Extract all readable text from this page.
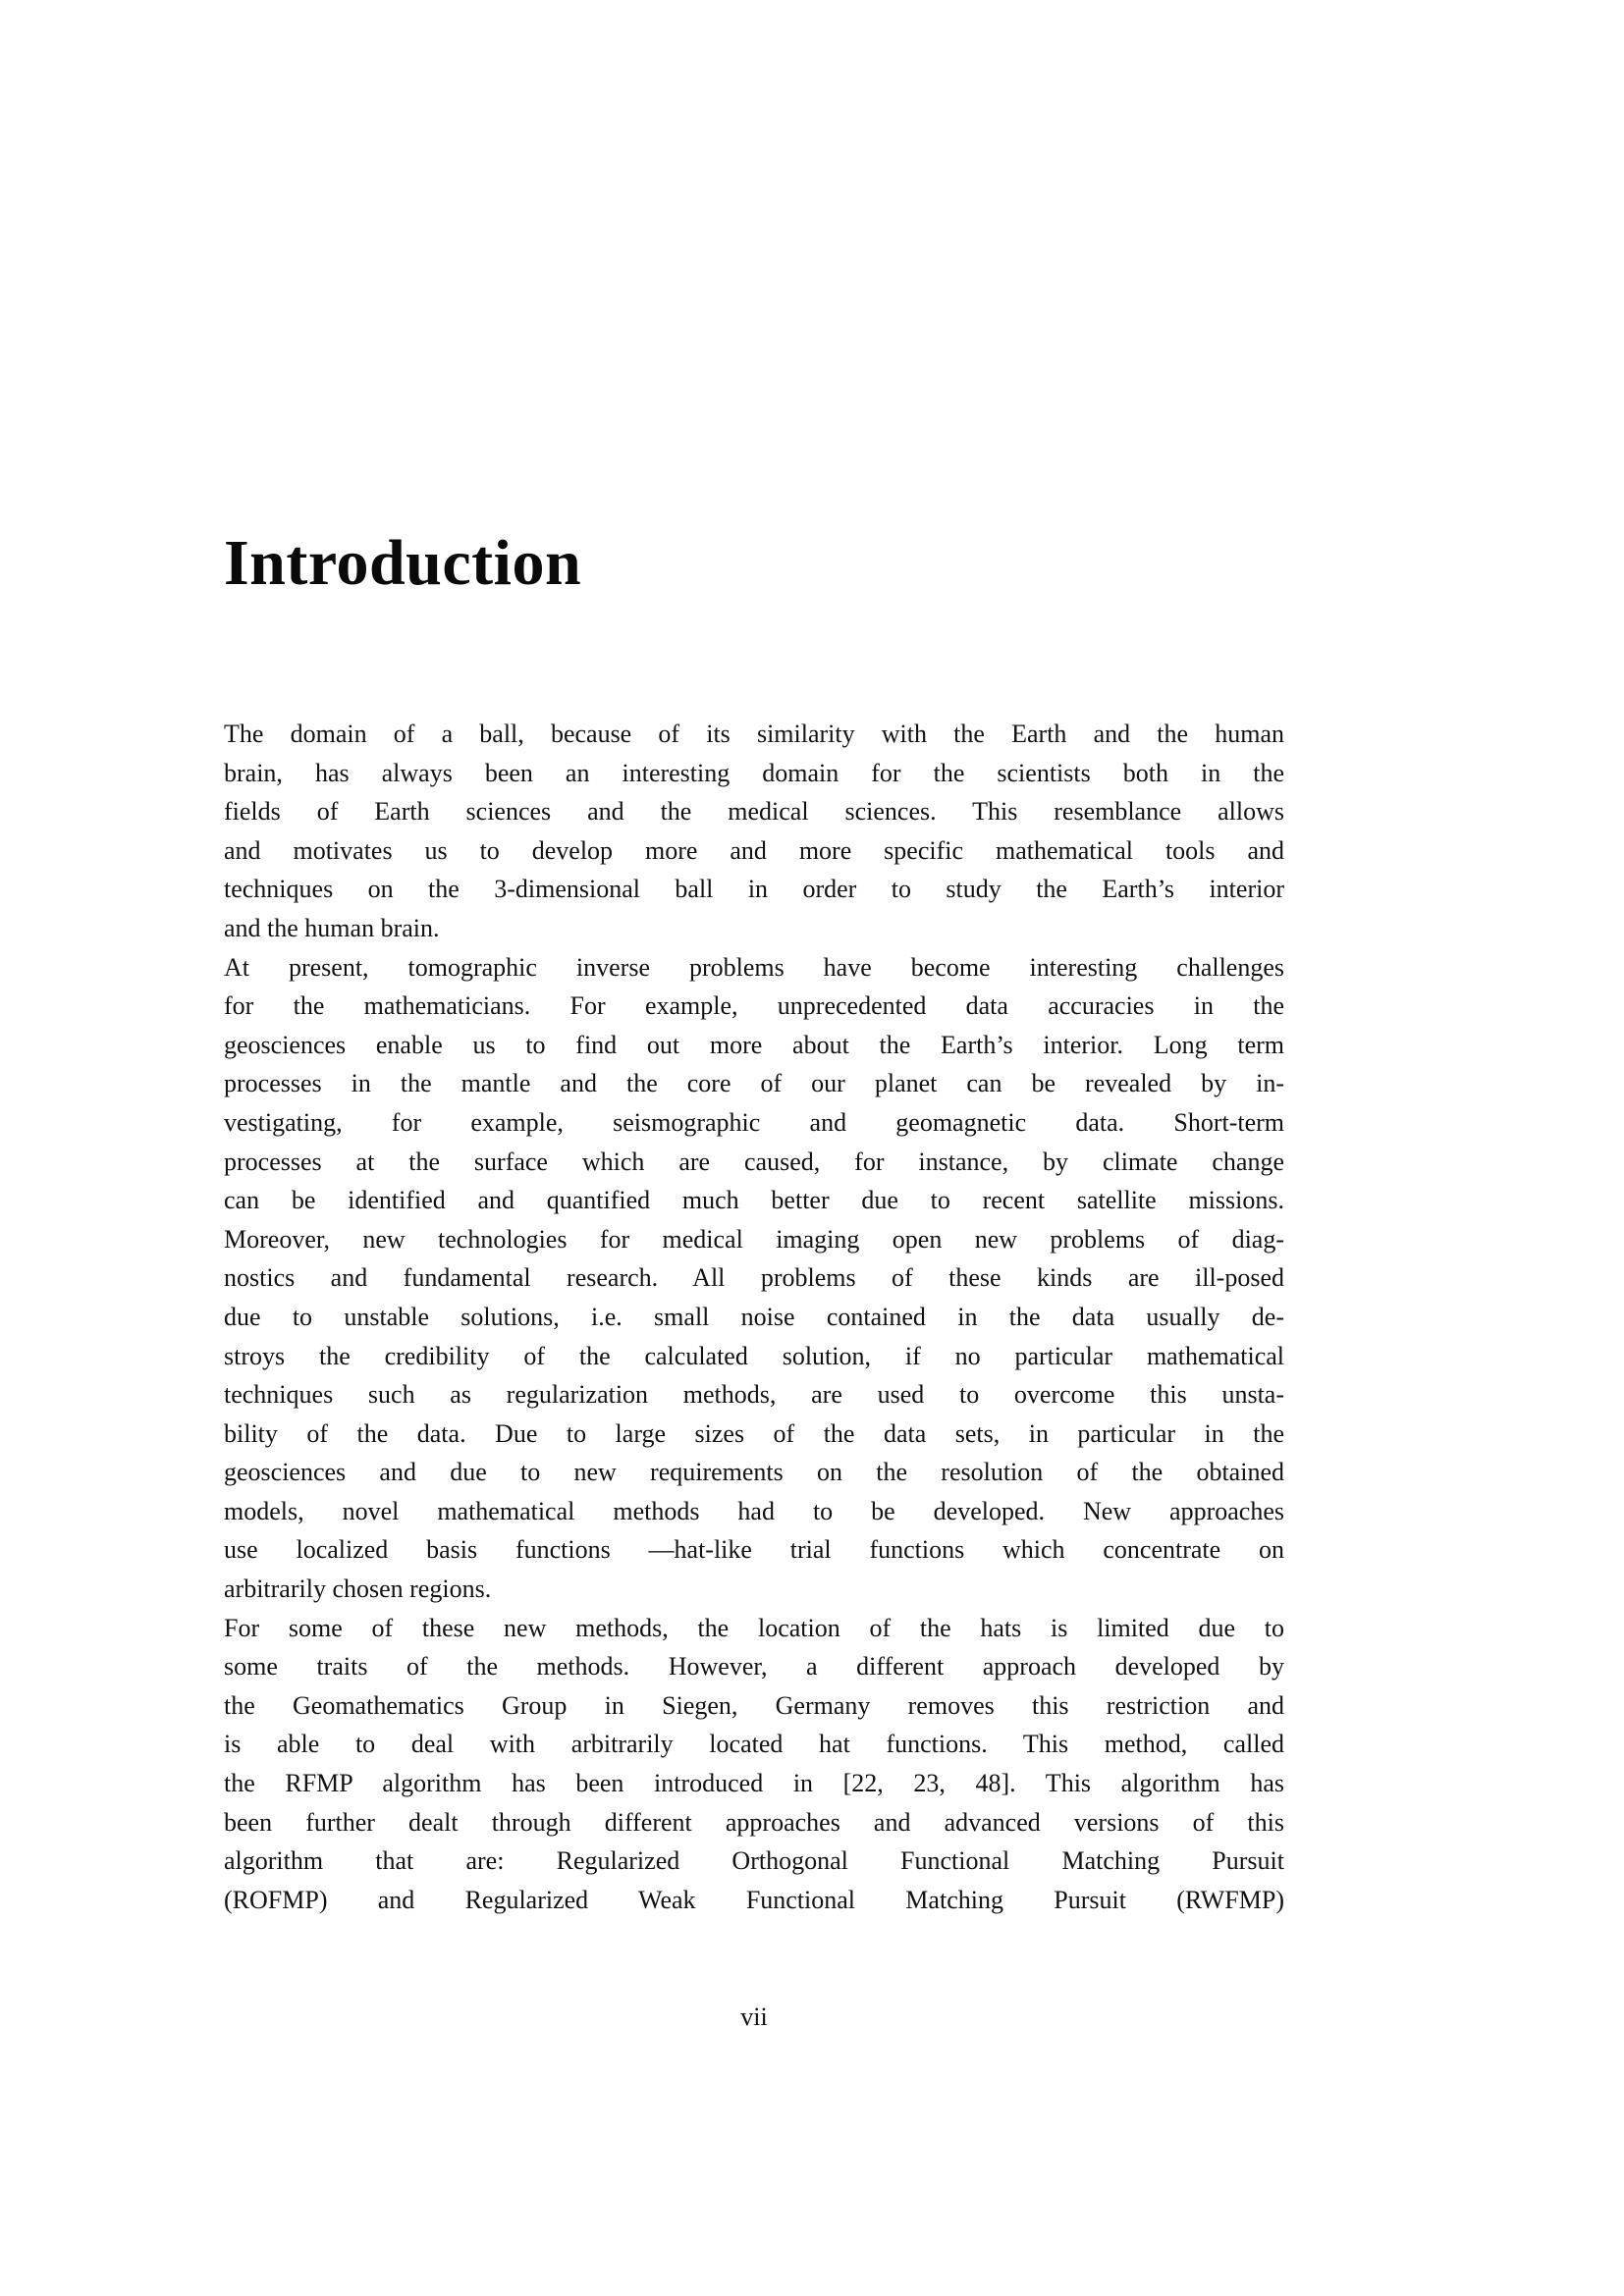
Introduction
The domain of a ball, because of its similarity with the Earth and the human
brain, has always been an interesting domain for the scientists both in the
fields of Earth sciences and the medical sciences. This resemblance allows
and motivates us to develop more and more specific mathematical tools and
techniques on the 3-dimensional ball in order to study the Earth’s interior
and the human brain.
At present, tomographic inverse problems have become interesting challenges
for the mathematicians. For example, unprecedented data accuracies in the
geosciences enable us to find out more about the Earth’s interior. Long term
processes in the mantle and the core of our planet can be revealed by in-
vestigating, for example, seismographic and geomagnetic data. Short-term
processes at the surface which are caused, for instance, by climate change
can be identified and quantified much better due to recent satellite missions.
Moreover, new technologies for medical imaging open new problems of diag-
nostics and fundamental research. All problems of these kinds are ill-posed
due to unstable solutions, i.e. small noise contained in the data usually de-
stroys the credibility of the calculated solution, if no particular mathematical
techniques such as regularization methods, are used to overcome this unsta-
bility of the data. Due to large sizes of the data sets, in particular in the
geosciences and due to new requirements on the resolution of the obtained
models, novel mathematical methods had to be developed. New approaches
use localized basis functions —hat-like trial functions which concentrate on
arbitrarily chosen regions.
For some of these new methods, the location of the hats is limited due to
some traits of the methods. However, a different approach developed by
the Geomathematics Group in Siegen, Germany removes this restriction and
is able to deal with arbitrarily located hat functions. This method, called
the RFMP algorithm has been introduced in [22, 23, 48]. This algorithm has
been further dealt through different approaches and advanced versions of this
algorithm that are: Regularized Orthogonal Functional Matching Pursuit
(ROFMP) and Regularized Weak Functional Matching Pursuit (RWFMP)
vii
